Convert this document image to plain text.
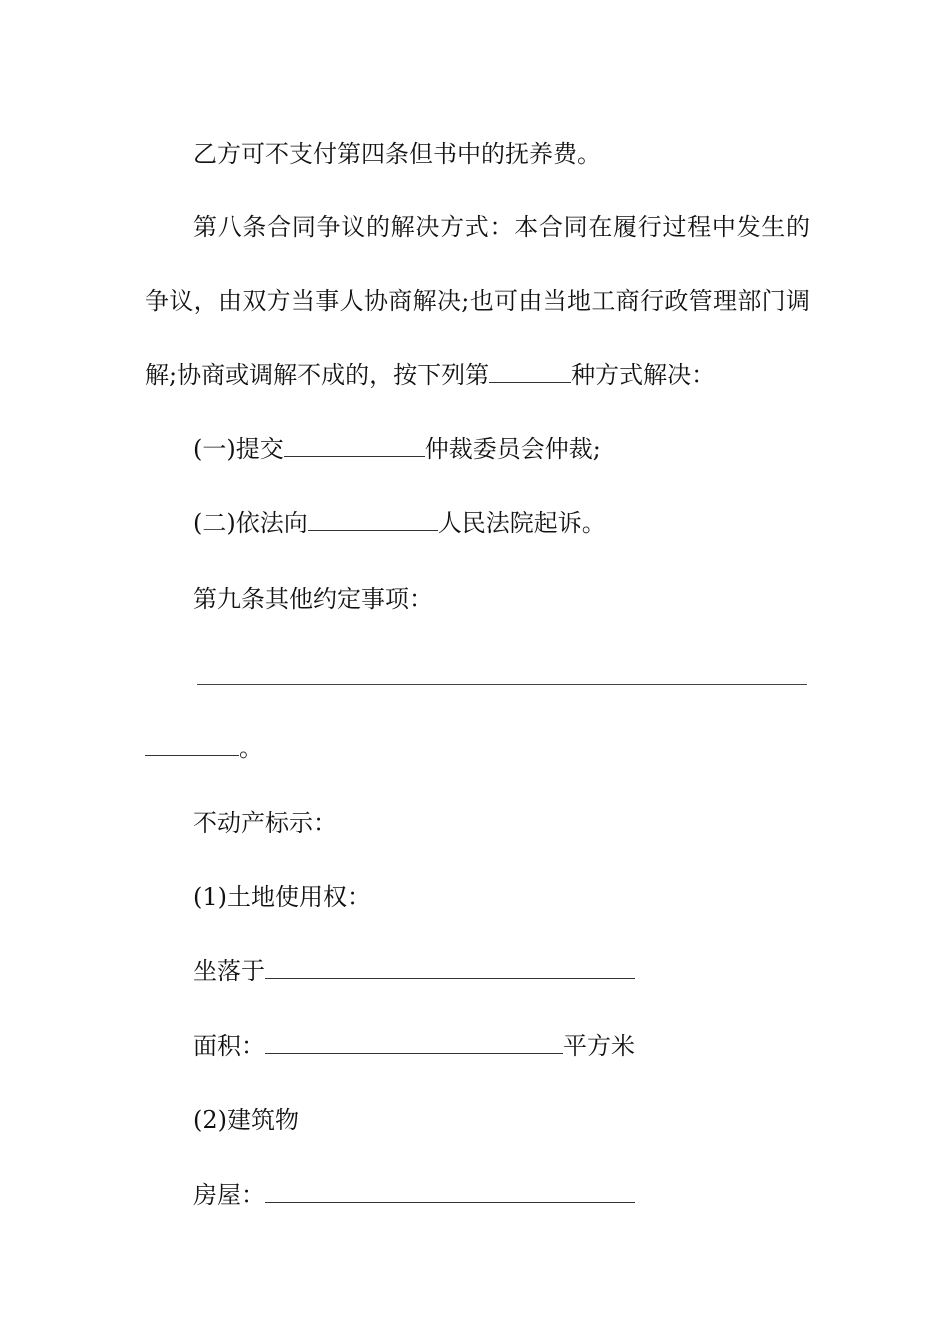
乙方可不支付第四条但书中的抚养费。
第八条合同争议的解决方式：本合同在履行过程中发生的
争议，由双方当事人协商解决;也可由当地工商行政管理部门调
解;协商或调解不成的，按下列第	种方式解决：
(一)提交	仲裁委员会仲裁;
(二)依法向	人民法院起诉。
第九条其他约定事项：
。
不动产标示：
(1)土地使用权：
坐落于
面积：	平方米
(2)建筑物
房屋：
